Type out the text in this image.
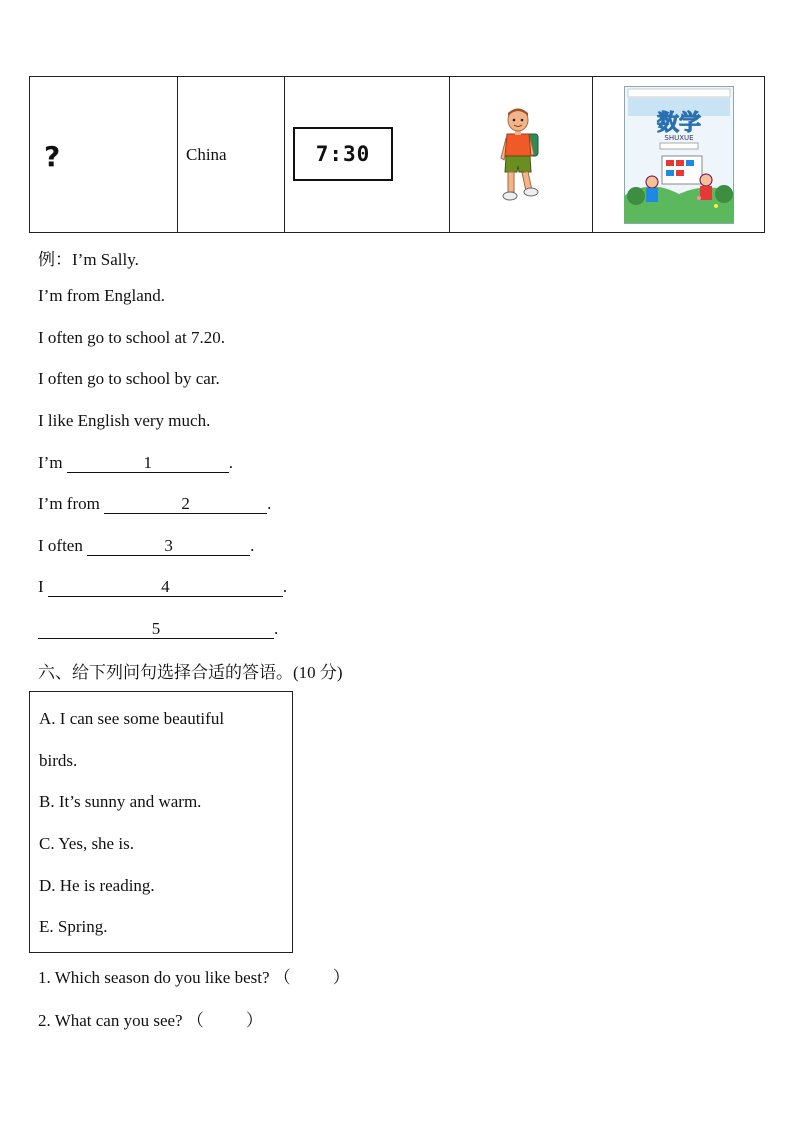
?	China	7:30

数学
SHUXUE
例：I’m Sally.
I’m from England.
I often go to school at 7.20.
I often go to school by car.
I like English very much.
I’m	1	.
I’m from	2	.
I often	3	.
I	4	.
5	.
六、给下列问句选择合适的答语。(10 分)
A. I can see some beautiful
birds.
B. It’s sunny and warm.
C. Yes, she is.
D. He is reading.
E. Spring.
1. Which season do you like best? （ ）
2. What can you see? （ ）
